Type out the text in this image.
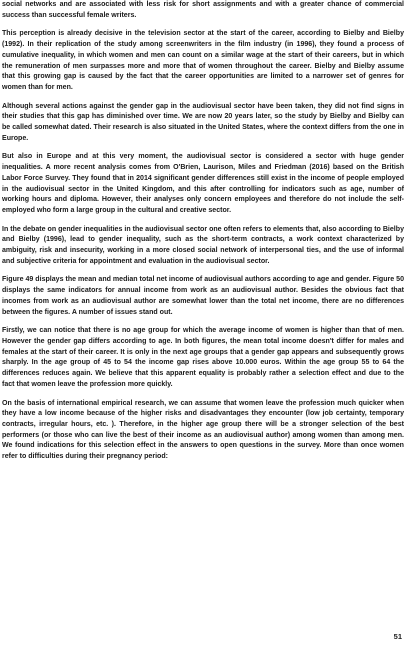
social networks and are associated with less risk for short assignments and with a greater chance of commercial success than successful female writers.

This perception is already decisive in the television sector at the start of the career, according to Bielby and Bielby (1992). In their replication of the study among screenwriters in the film industry (in 1996), they found a process of cumulative inequality, in which women and men can count on a similar wage at the start of their careers, but in which the remuneration of men surpasses more and more that of women throughout the career. Bielby and Bielby assume that this growing gap is caused by the fact that the career opportunities are limited to a narrower set of genres for women than for men.

Although several actions against the gender gap in the audiovisual sector have been taken, they did not find signs in their studies that this gap has diminished over time. We are now 20 years later, so the study by Bielby and Bielby can be called somewhat dated. Their research is also situated in the United States, where the context differs from the one in Europe.

But also in Europe and at this very moment, the audiovisual sector is considered a sector with huge gender inequalities. A more recent analysis comes from O'Brien, Laurison, Miles and Friedman (2016) based on the British Labor Force Survey. They found that in 2014 significant gender differences still exist in the income of people employed in the audiovisual sector in the United Kingdom, and this after controlling for indicators such as age, number of working hours and diploma. However, their analyses only concern employees and therefore do not include the self-employed who form a large group in the cultural and creative sector.

In the debate on gender inequalities in the audiovisual sector one often refers to elements that, also according to Bielby and Bielby (1996), lead to gender inequality, such as the short-term contracts, a work context characterized by ambiguity, risk and insecurity, working in a more closed social network of interpersonal ties, and the use of informal and subjective criteria for appointment and evaluation in the audiovisual sector.

Figure 49 displays the mean and median total net income of audiovisual authors according to age and gender. Figure 50 displays the same indicators for annual income from work as an audiovisual author. Besides the obvious fact that incomes from work as an audiovisual author are somewhat lower than the total net income, there are no differences between the figures. A number of issues stand out.

Firstly, we can notice that there is no age group for which the average income of women is higher than that of men. However the gender gap differs according to age. In both figures, the mean total income doesn't differ for males and females at the start of their career. It is only in the next age groups that a gender gap appears and subsequently grows sharply. In the age group of 45 to 54 the income gap rises above 10.000 euros. Within the age group 55 to 64 the differences reduces again. We believe that this apparent equality is probably rather a selection effect and due to the fact that women leave the profession more quickly.

On the basis of international empirical research, we can assume that women leave the profession much quicker when they have a low income because of the higher risks and disadvantages they encounter (low job certainty, temporary contracts, irregular hours, etc. ). Therefore, in the higher age group there will be a stronger selection of the best performers (or those who can live the best of their income as an audiovisual author) among women than among men. We found indications for this selection effect in the answers to open questions in the survey. More than once women refer to difficulties during their pregnancy period:

51
